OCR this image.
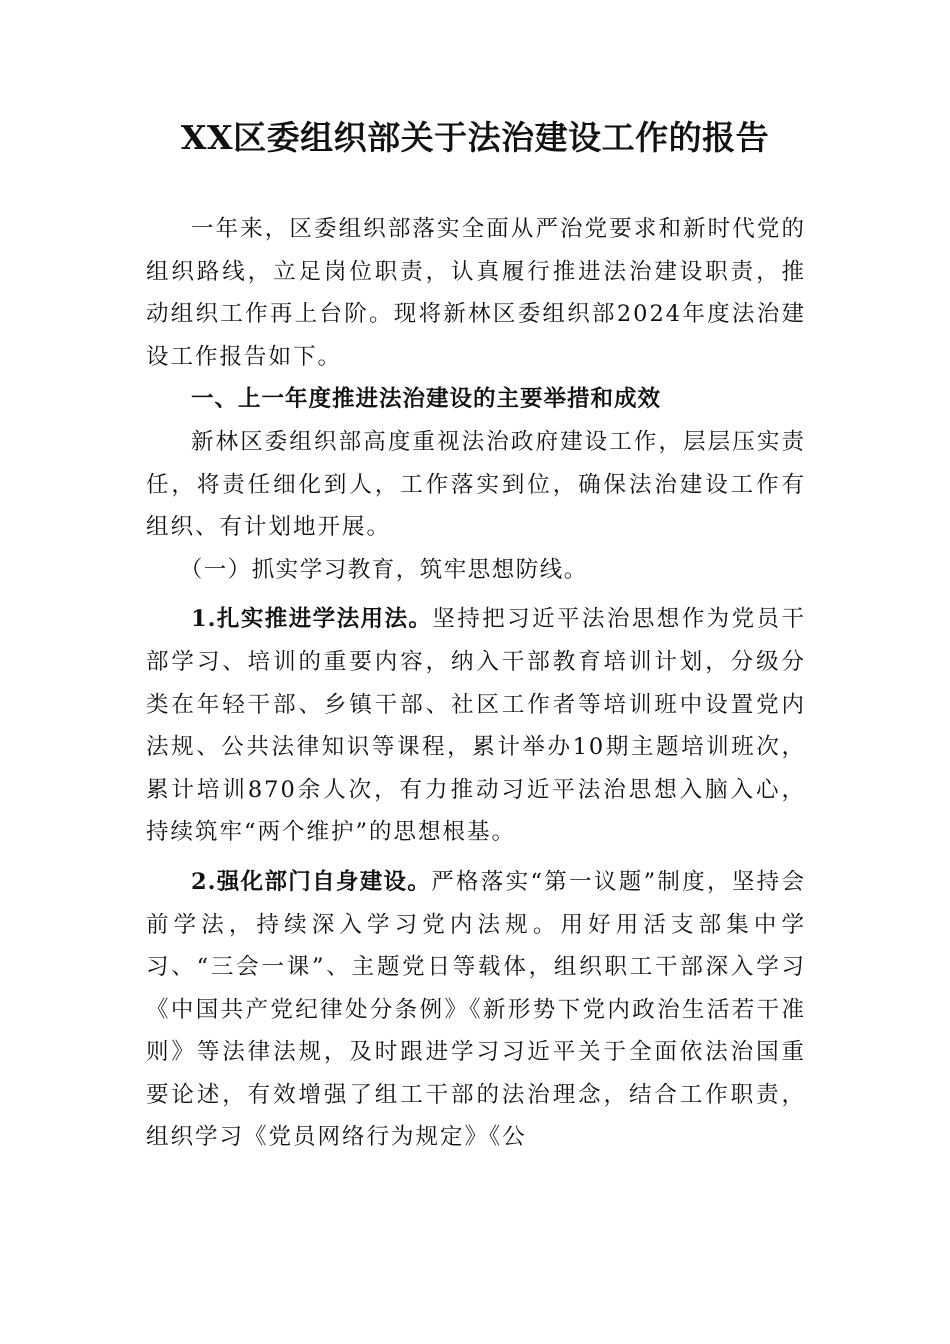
XX区委组织部关于法治建设工作的报告

一年来，区委组织部落实全面从严治党要求和新时代党的组织路线，立足岗位职责，认真履行推进法治建设职责，推动组织工作再上台阶。现将新林区委组织部2024年度法治建设工作报告如下。

一、上一年度推进法治建设的主要举措和成效

新林区委组织部高度重视法治政府建设工作，层层压实责任，将责任细化到人，工作落实到位，确保法治建设工作有组织、有计划地开展。

（一）抓实学习教育，筑牢思想防线。

1.扎实推进学法用法。坚持把习近平法治思想作为党员干部学习、培训的重要内容，纳入干部教育培训计划，分级分类在年轻干部、乡镇干部、社区工作者等培训班中设置党内法规、公共法律知识等课程，累计举办10期主题培训班次，累计培训870余人次，有力推动习近平法治思想入脑入心，持续筑牢“两个维护”的思想根基。

2.强化部门自身建设。严格落实“第一议题”制度，坚持会前学法，持续深入学习党内法规。用好用活支部集中学习、“三会一课”、主题党日等载体，组织职工干部深入学习《中国共产党纪律处分条例》《新形势下党内政治生活若干准则》等法律法规，及时跟进学习习近平关于全面依法治国重要论述，有效增强了组工干部的法治理念，结合工作职责，组织学习《党员网络行为规定》《公
